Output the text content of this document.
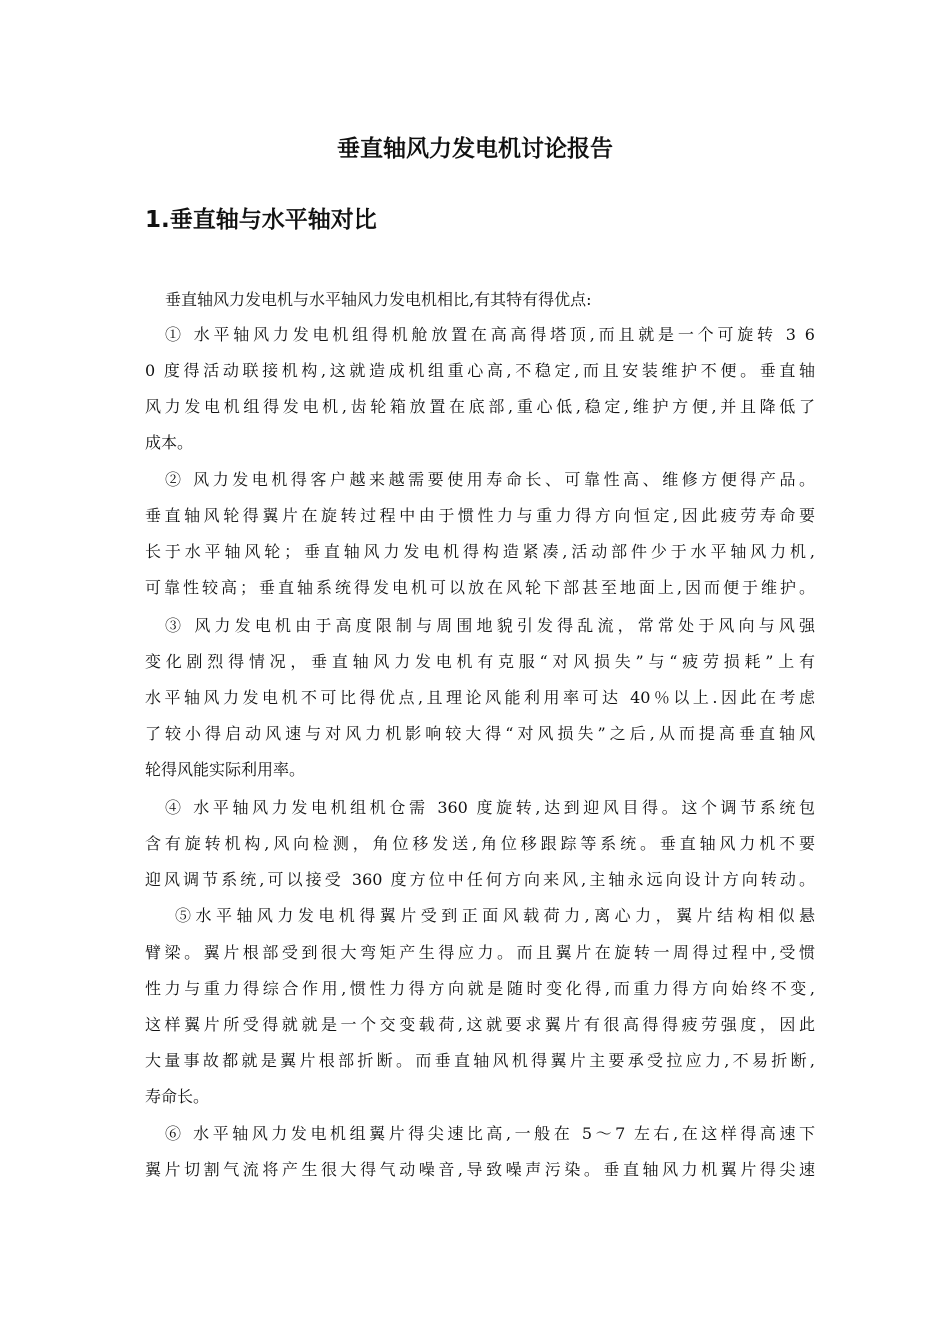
垂直轴风力发电机讨论报告
1.垂直轴与水平轴对比

垂直轴风力发电机与水平轴风力发电机相比,有其特有得优点:

① 水平轴风力发电机组得机舱放置在高高得塔顶,而且就是一个可旋转 3 6

0 度得活动联接机构,这就造成机组重心高,不稳定,而且安装维护不便。垂直轴

风力发电机组得发电机,齿轮箱放置在底部,重心低,稳定,维护方便,并且降低了

成本。

② 风力发电机得客户越来越需要使用寿命长、可靠性高、维修方便得产品。

垂直轴风轮得翼片在旋转过程中由于惯性力与重力得方向恒定,因此疲劳寿命要

长于水平轴风轮；垂直轴风力发电机得构造紧凑,活动部件少于水平轴风力机,

可靠性较高；垂直轴系统得发电机可以放在风轮下部甚至地面上,因而便于维护。

③ 风力发电机由于高度限制与周围地貌引发得乱流，常常处于风向与风强

变化剧烈得情况，垂直轴风力发电机有克服“对风损失”与“疲劳损耗”上有

水平轴风力发电机不可比得优点,且理论风能利用率可达 40％以上.因此在考虑

了较小得启动风速与对风力机影响较大得“对风损失”之后,从而提高垂直轴风

轮得风能实际利用率。

④ 水平轴风力发电机组机仓需 360 度旋转,达到迎风目得。这个调节系统包

含有旋转机构,风向检测，角位移发送,角位移跟踪等系统。垂直轴风力机不要

迎风调节系统,可以接受 360 度方位中任何方向来风,主轴永远向设计方向转动。

⑤水平轴风力发电机得翼片受到正面风载荷力,离心力，翼片结构相似悬

臂梁。翼片根部受到很大弯矩产生得应力。而且翼片在旋转一周得过程中,受惯

性力与重力得综合作用,惯性力得方向就是随时变化得,而重力得方向始终不变,

这样翼片所受得就就是一个交变载荷,这就要求翼片有很高得得疲劳强度，因此

大量事故都就是翼片根部折断。而垂直轴风机得翼片主要承受拉应力,不易折断,

寿命长。

⑥ 水平轴风力发电机组翼片得尖速比高,一般在 5～7 左右,在这样得高速下

翼片切割气流将产生很大得气动噪音,导致噪声污染。垂直轴风力机翼片得尖速
